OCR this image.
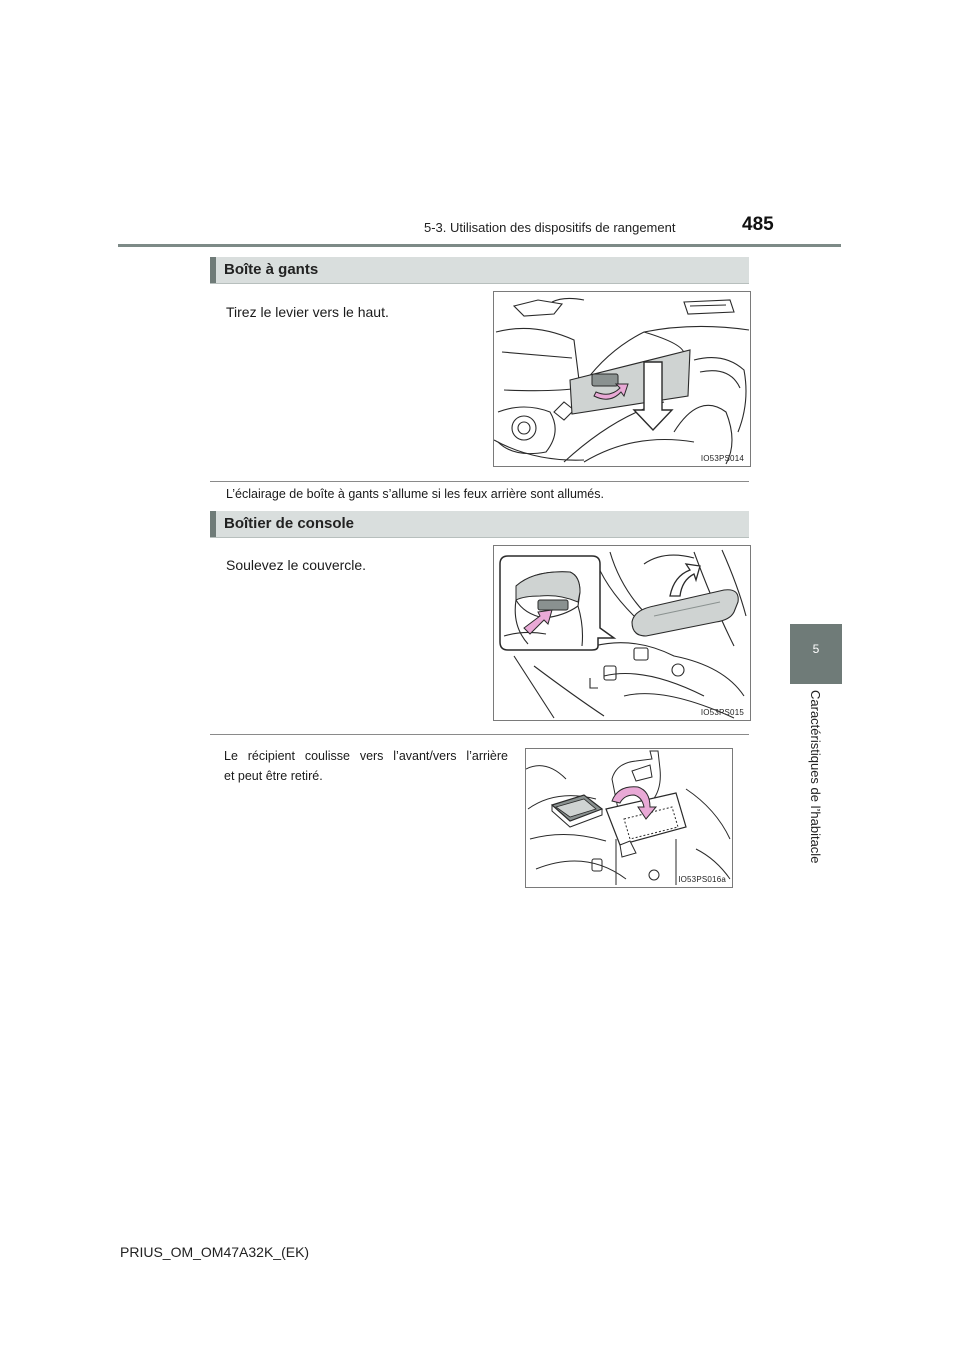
5-3. Utilisation des dispositifs de rangement	485
5
Caractéristiques de l’habitacle
Boîte à gants
Tirez le levier vers le haut.
IO53PS014
L’éclairage de boîte à gants s’allume si les feux arrière sont allumés.
Boîtier de console
Soulevez le couvercle.
IO53PS015
Le récipient coulisse vers l’avant/vers l’arrière
et peut être retiré.
IO53PS016a
PRIUS_OM_OM47A32K_(EK)
